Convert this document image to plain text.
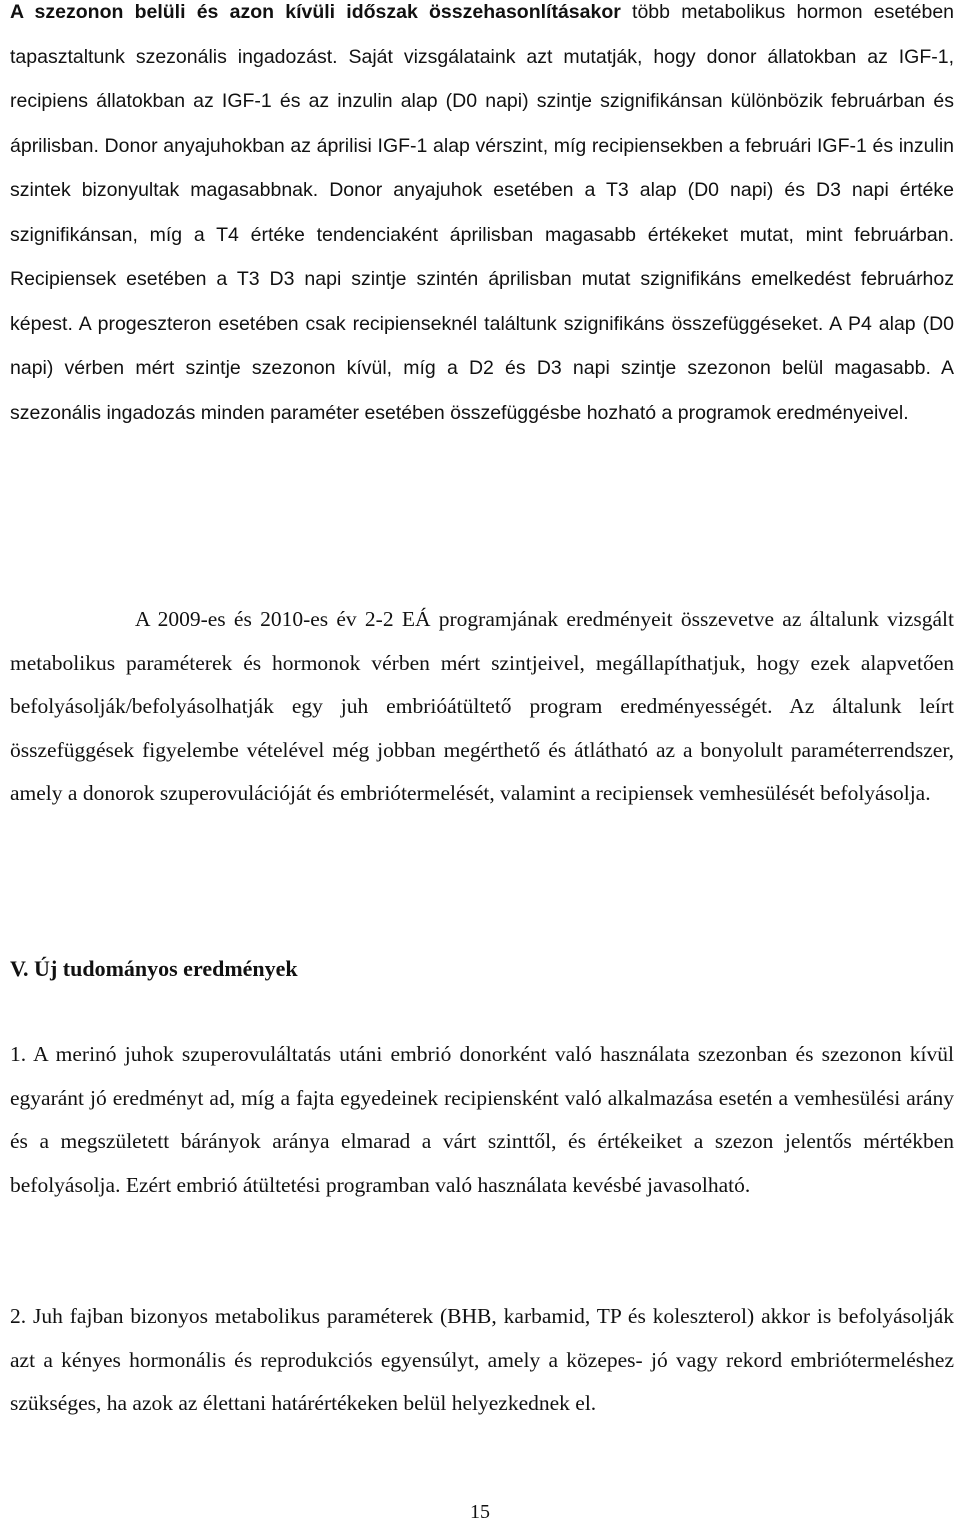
A szezonon belüli és azon kívüli időszak összehasonlításakor több metabolikus hormon esetében tapasztaltunk szezonális ingadozást. Saját vizsgálataink azt mutatják, hogy donor állatokban az IGF-1, recipiens állatokban az IGF-1 és az inzulin alap (D0 napi) szintje szignifikánsan különbözik februárban és áprilisban. Donor anyajuhokban az áprilisi IGF-1 alap vérszint, míg recipiensekben a februári IGF-1 és inzulin szintek bizonyultak magasabbnak. Donor anyajuhok esetében a T3 alap (D0 napi) és D3 napi értéke szignifikánsan, míg a T4 értéke tendenciaként áprilisban magasabb értékeket mutat, mint februárban. Recipiensek esetében a T3 D3 napi szintje szintén áprilisban mutat szignifikáns emelkedést februárhoz képest. A progeszteron esetében csak recipienseknél találtunk szignifikáns összefüggéseket. A P4 alap (D0 napi) vérben mért szintje szezonon kívül, míg a D2 és D3 napi szintje szezonon belül magasabb. A szezonális ingadozás minden paraméter esetében összefüggésbe hozható a programok eredményeivel.

A 2009-es és 2010-es év 2-2 EÁ programjának eredményeit összevetve az általunk vizsgált metabolikus paraméterek és hormonok vérben mért szintjeivel, megállapíthatjuk, hogy ezek alapvetően befolyásolják/befolyásolhatják egy juh embrióátültető program eredményességét. Az általunk leírt összefüggések figyelembe vételével még jobban megérthető és átlátható az a bonyolult paraméterrendszer, amely a donorok szuperovulációját és embriótermelését, valamint a recipiensek vemhesülését befolyásolja.

V. Új tudományos eredmények

1. A merinó juhok szuperovuláltatás utáni embrió donorként való használata szezonban és szezonon kívül egyaránt jó eredményt ad, míg a fajta egyedeinek recipiensként való alkalmazása esetén a vemhesülési arány és a megszületett bárányok aránya elmarad a várt szinttől, és értékeiket a szezon jelentős mértékben befolyásolja. Ezért embrió átültetési programban való használata kevésbé javasolható.

2. Juh fajban bizonyos metabolikus paraméterek (BHB, karbamid, TP és koleszterol) akkor is befolyásolják azt a kényes hormonális és reprodukciós egyensúlyt, amely a közepes- jó vagy rekord embriótermeléshez szükséges, ha azok az élettani határértékeken belül helyezkednek el.

15
